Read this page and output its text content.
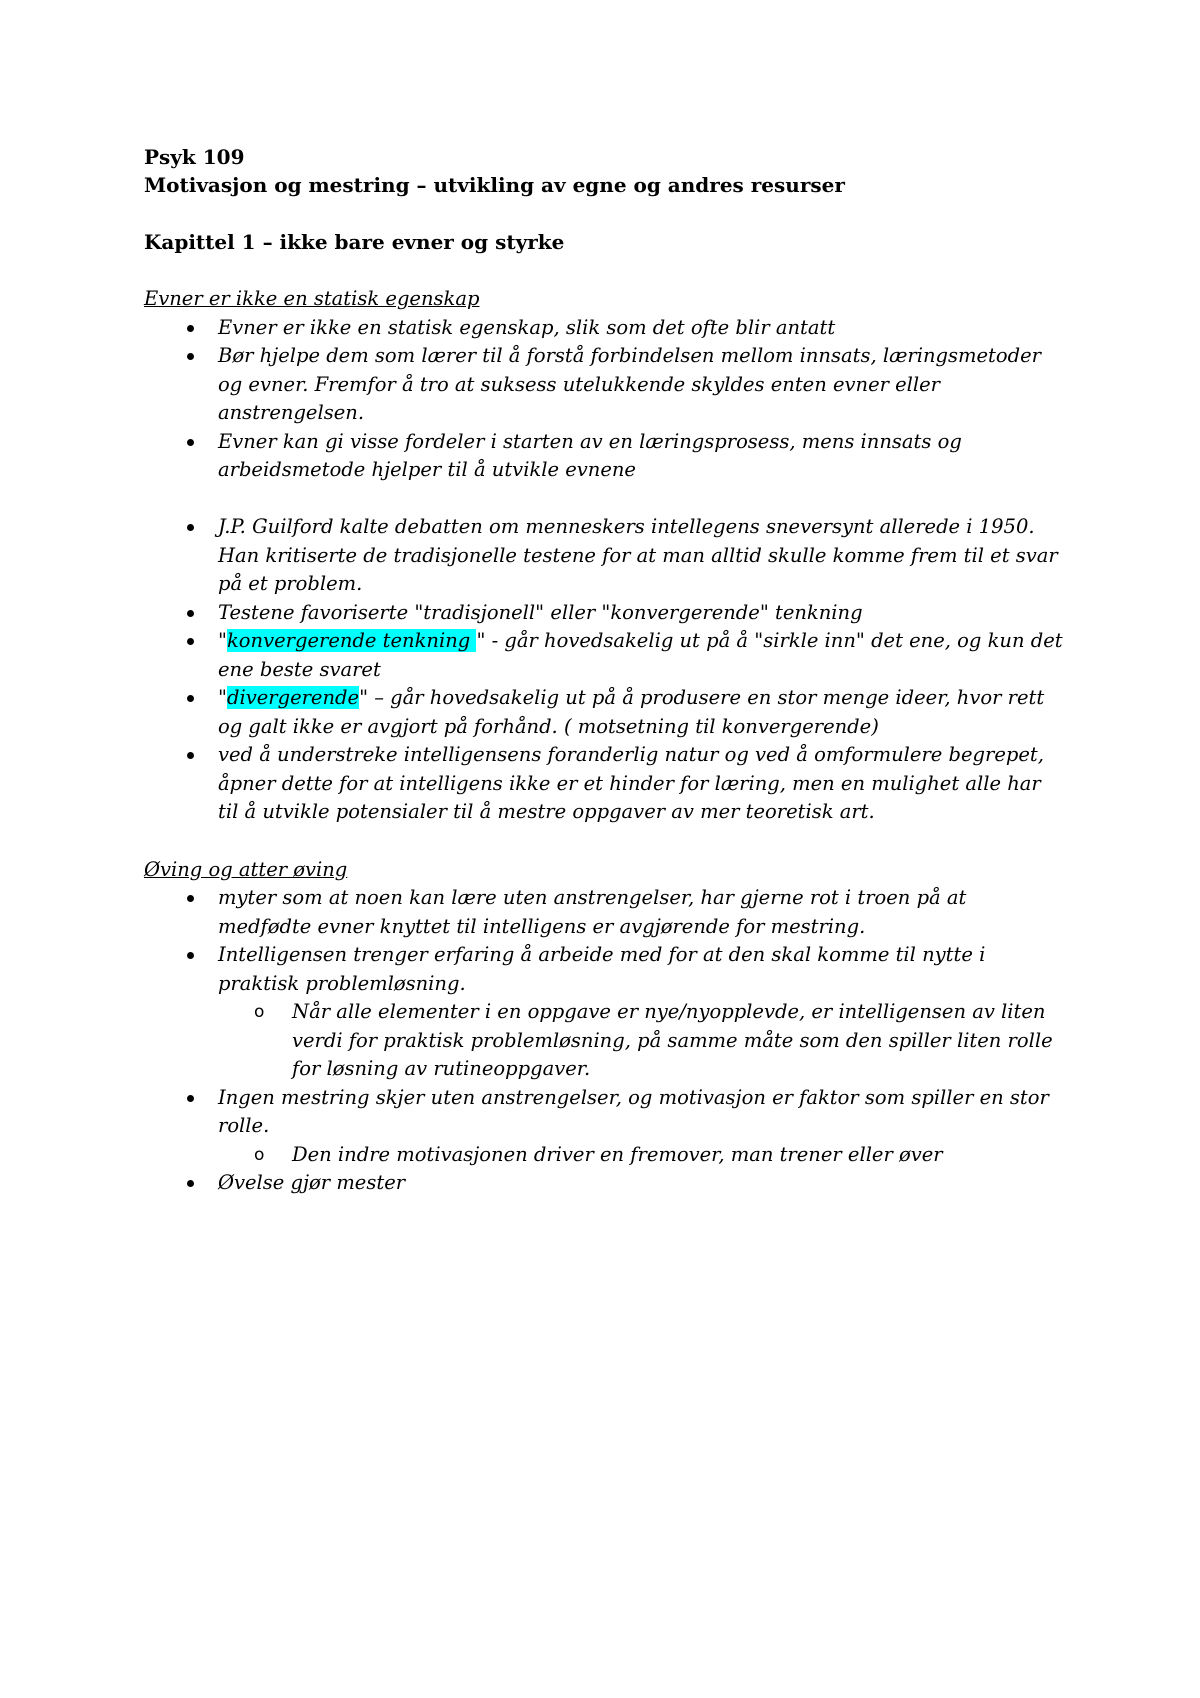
Psyk 109

Motivasjon og mestring – utvikling av egne og andres resurser

Kapittel 1 – ikke bare evner og styrke

Evner er ikke en statisk egenskap

Evner er ikke en statisk egenskap, slik som det ofte blir antatt
Bør hjelpe dem som lærer til å forstå forbindelsen mellom innsats, læringsmetoder og evner. Fremfor å tro at suksess utelukkende skyldes enten evner eller anstrengelsen.
Evner kan gi visse fordeler i starten av en læringsprosess, mens innsats og arbeidsmetode hjelper til å utvikle evnene
J.P. Guilford kalte debatten om menneskers intellegens sneversynt allerede i 1950. Han kritiserte de tradisjonelle testene for at man alltid skulle komme frem til et svar på et problem.
Testene favoriserte "tradisjonell" eller "konvergerende" tenkning
"konvergerende tenkning " - går hovedsakelig ut på å "sirkle inn" det ene, og kun det ene beste svaret
"divergerende" – går hovedsakelig ut på å produsere en stor menge ideer, hvor rett og galt ikke er avgjort på forhånd. ( motsetning til konvergerende)
ved å understreke intelligensens foranderlig natur og ved å omformulere begrepet, åpner dette for at intelligens ikke er et hinder for læring, men en mulighet alle har til å utvikle potensialer til å mestre oppgaver av mer teoretisk art.

Øving og atter øving

myter som at noen kan lære uten anstrengelser, har gjerne rot i troen på at medfødte evner knyttet til intelligens er avgjørende for mestring.
Intelligensen trenger erfaring å arbeide med for at den skal komme til nytte i praktisk problemløsning.
o Når alle elementer i en oppgave er nye/nyopplevde, er intelligensen av liten verdi for praktisk problemløsning, på samme måte som den spiller liten rolle for løsning av rutineoppgaver.
Ingen mestring skjer uten anstrengelser, og motivasjon er faktor som spiller en stor rolle.
o Den indre motivasjonen driver en fremover, man trener eller øver
Øvelse gjør mester
